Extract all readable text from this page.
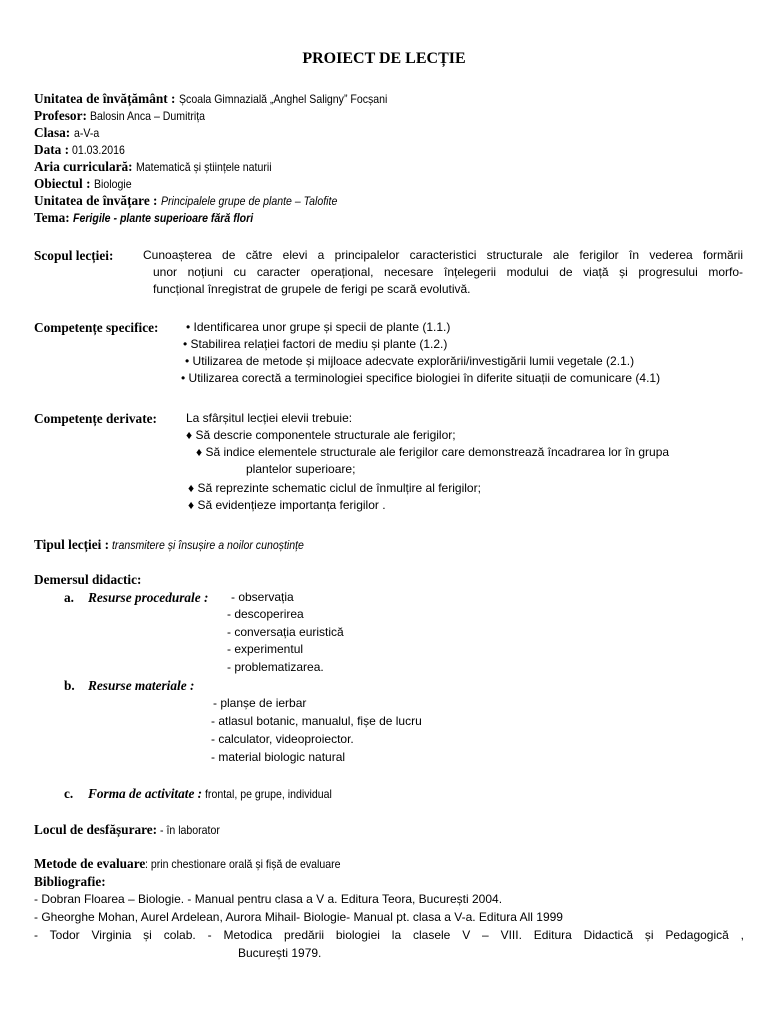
PROIECT DE LECȚIE
Unitatea de învățământ : Școala Gimnazială „Anghel Saligny” Focșani
Profesor: Balosin Anca – Dumitrița
Clasa: a-V-a
Data : 01.03.2016
Aria curriculară: Matematică și științele naturii
Obiectul : Biologie
Unitatea de învățare : Principalele grupe de plante – Talofite
Tema: Ferigile - plante superioare fără flori
Scopul lecției: Cunoașterea de către elevi a principalelor caracteristici structurale ale ferigilor în vederea formării
unor noțiuni cu caracter operațional, necesare înțelegerii modului de viață și progresului morfo-
funcțional înregistrat de grupele de ferigi pe scară evolutivă.
Competențe specifice: • Identificarea unor grupe și specii de plante (1.1.)
• Stabilirea relației factori de mediu și plante (1.2.)
• Utilizarea de metode și mijloace adecvate explorării/investigării lumii vegetale (2.1.)
• Utilizarea corectă a terminologiei specifice biologiei în diferite situații de comunicare (4.1)
Competențe derivate: La sfârșitul lecției elevii trebuie:
♦ Să descrie componentele structurale ale ferigilor;
♦ Să indice elementele structurale ale ferigilor care demonstrează încadrarea lor în grupa
plantelor superioare;
♦ Să reprezinte schematic ciclul de înmulțire al ferigilor;
♦ Să evidențieze importanța ferigilor .
Tipul lecției : transmitere și însușire a noilor cunoștințe
Demersul didactic:
a. Resurse procedurale : - observația
- descoperirea
- conversația euristică
- experimentul
- problematizarea.
b. Resurse materiale :
- planșe de ierbar
- atlasul botanic, manualul, fișe de lucru
- calculator, videoproiector.
- material biologic natural
c. Forma de activitate : frontal, pe grupe, individual
Locul de desfășurare: - în laborator
Metode de evaluare: prin chestionare orală și fișă de evaluare
Bibliografie:
- Dobran Floarea – Biologie. - Manual pentru clasa a V a. Editura Teora, București 2004.
- Gheorghe Mohan, Aurel Ardelean, Aurora Mihail- Biologie- Manual pt. clasa a V-a. Editura All 1999
- Todor Virginia și colab. - Metodica predării biologiei la clasele V – VIII. Editura Didactică și Pedagogică ,
București 1979.
